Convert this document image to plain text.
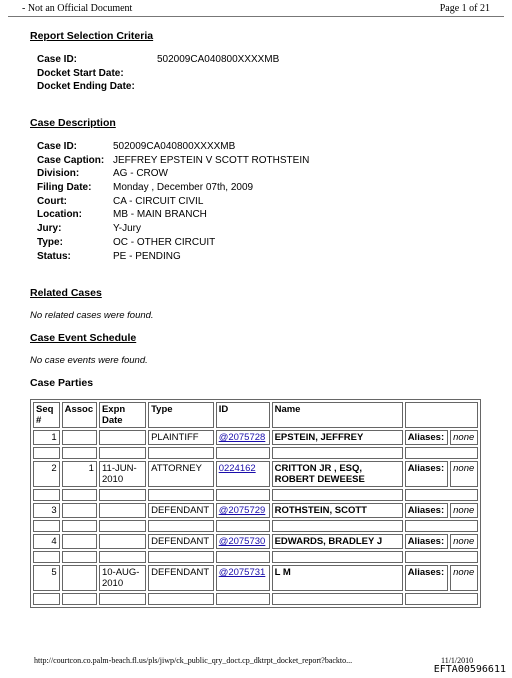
- Not an Official Document	Page 1 of 21
Report Selection Criteria
Case ID:	502009CA040800XXXXMB
Docket Start Date:
Docket Ending Date:
Case Description
Case ID:	502009CA040800XXXXMB
Case Caption: JEFFREY EPSTEIN V SCOTT ROTHSTEIN
Division:	AG - CROW
Filing Date:	Monday , December 07th, 2009
Court:	CA - CIRCUIT CIVIL
Location:	MB - MAIN BRANCH
Jury:	Y-Jury
Type:	OC - OTHER CIRCUIT
Status:	PE - PENDING
Related Cases
No related cases were found.
Case Event Schedule
No case events were found.
Case Parties
Seq #	Assoc	Expn Date	Type	ID	Name		
1			PLAINTIFF	@2075728	EPSTEIN, JEFFREY	Aliases:	none

2	1	11-JUN-2010	ATTORNEY	0224162	CRITTON JR , ESQ, ROBERT DEWEESE	Aliases:	none

3			DEFENDANT	@2075729	ROTHSTEIN, SCOTT	Aliases:	none

4			DEFENDANT	@2075730	EDWARDS, BRADLEY J	Aliases:	none

5		10-AUG-2010	DEFENDANT	@2075731	L M	Aliases:	none

http://courtcon.co.palm-beach.fl.us/pls/jiwp/ck_public_qry_doct.cp_dktrpt_docket_report?backto...	11/1/2010
EFTA00596611
